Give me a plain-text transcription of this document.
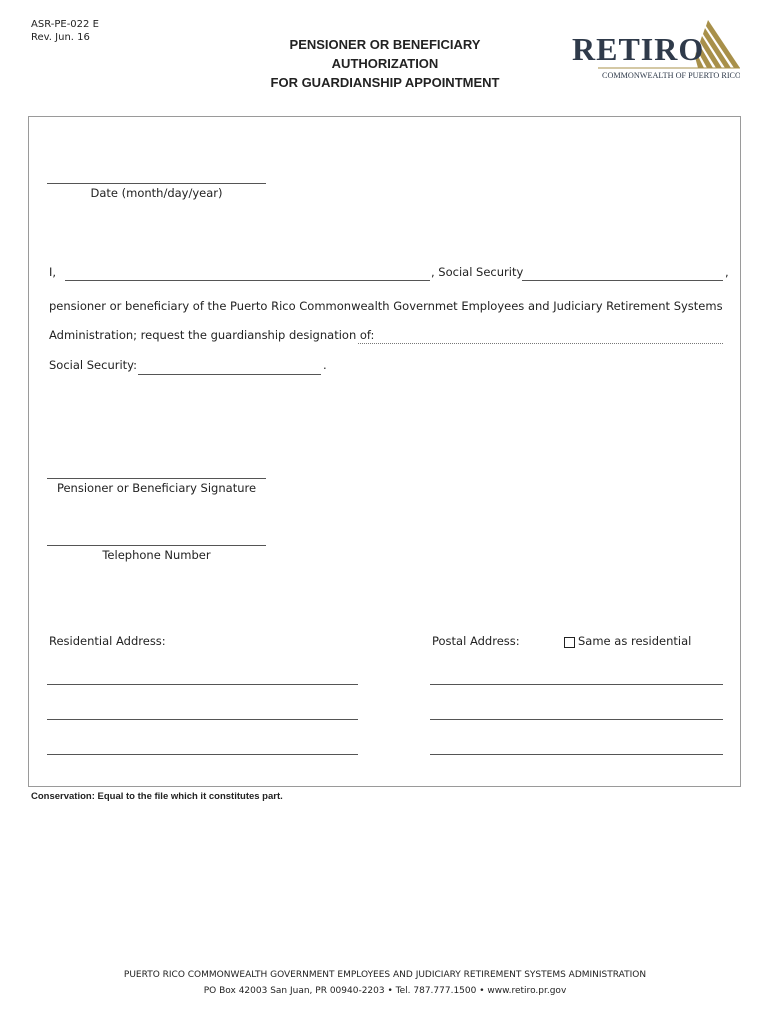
ASR-PE-022 E
Rev. Jun. 16	PENSIONER OR BENEFICIARY
AUTHORIZATION
FOR GUARDIANSHIP APPOINTMENT
RETIRO
COMMONWEALTH OF PUERTO RICO
Date (month/day/year)
I,	, Social Security	,
pensioner or beneficiary of the Puerto Rico Commonwealth Governmet Employees and Judiciary Retirement Systems
Administration; request the guardianship designation of:
Social Security:	.
Pensioner or Beneficiary Signature
Telephone Number
Residential Address:	Postal Address:	Same as residential
Conservation: Equal to the file which it constitutes part.
PUERTO RICO COMMONWEALTH GOVERNMENT EMPLOYEES AND JUDICIARY RETIREMENT SYSTEMS ADMINISTRATION
PO Box 42003 San Juan, PR 00940-2203 • Tel. 787.777.1500 • www.retiro.pr.gov
